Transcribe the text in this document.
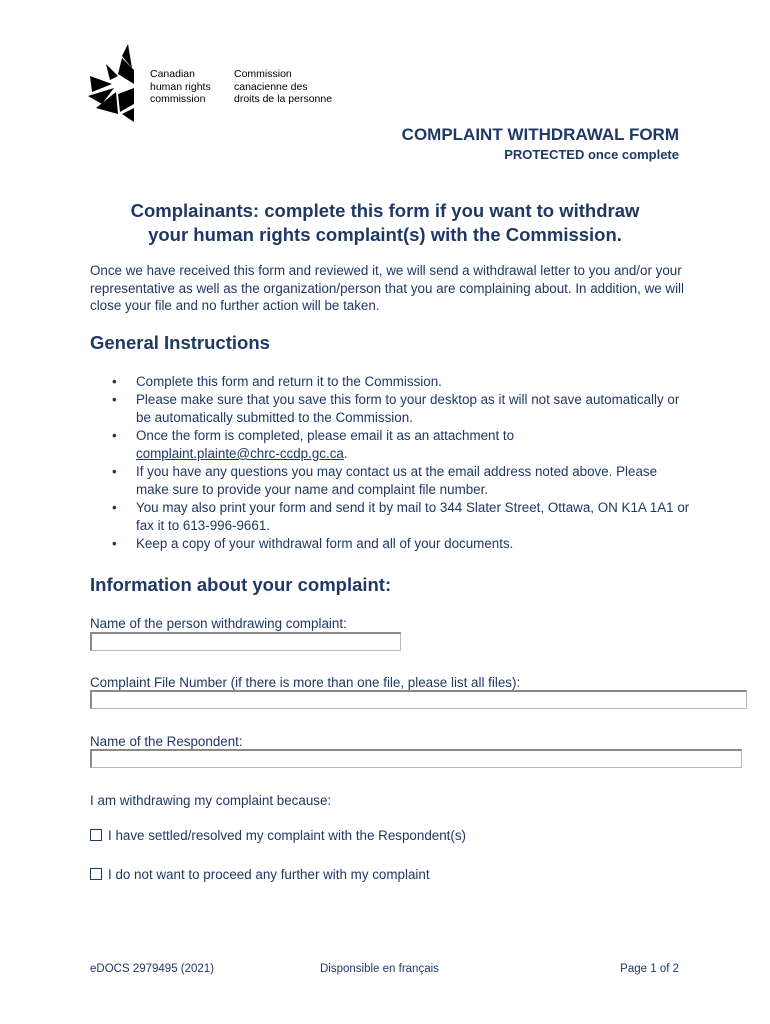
Canadian
human rights
commission
Commission
canacienne des
droits de la personne
COMPLAINT WITHDRAWAL FORM
PROTECTED once complete
Complainants: complete this form if you want to withdraw
your human rights complaint(s) with the Commission.
Once we have received this form and reviewed it, we will send a withdrawal letter to you and/or your representative as well as the organization/person that you are complaining about. In addition, we will close your file and no further action will be taken.
General Instructions
• Complete this form and return it to the Commission.
• Please make sure that you save this form to your desktop as it will not save automatically or be automatically submitted to the Commission.
• Once the form is completed, please email it as an attachment to
complaint.plainte@chrc-ccdp.gc.ca.
• If you have any questions you may contact us at the email address noted above. Please make sure to provide your name and complaint file number.
• You may also print your form and send it by mail to 344 Slater Street, Ottawa, ON K1A 1A1 or fax it to 613-996-9661.
• Keep a copy of your withdrawal form and all of your documents.
Information about your complaint:
Name of the person withdrawing complaint:
Complaint File Number (if there is more than one file, please list all files):
Name of the Respondent:
I am withdrawing my complaint because:
I have settled/resolved my complaint with the Respondent(s)
I do not want to proceed any further with my complaint
eDOCS 2979495 (2021)	Disponsible en français	Page 1 of 2
